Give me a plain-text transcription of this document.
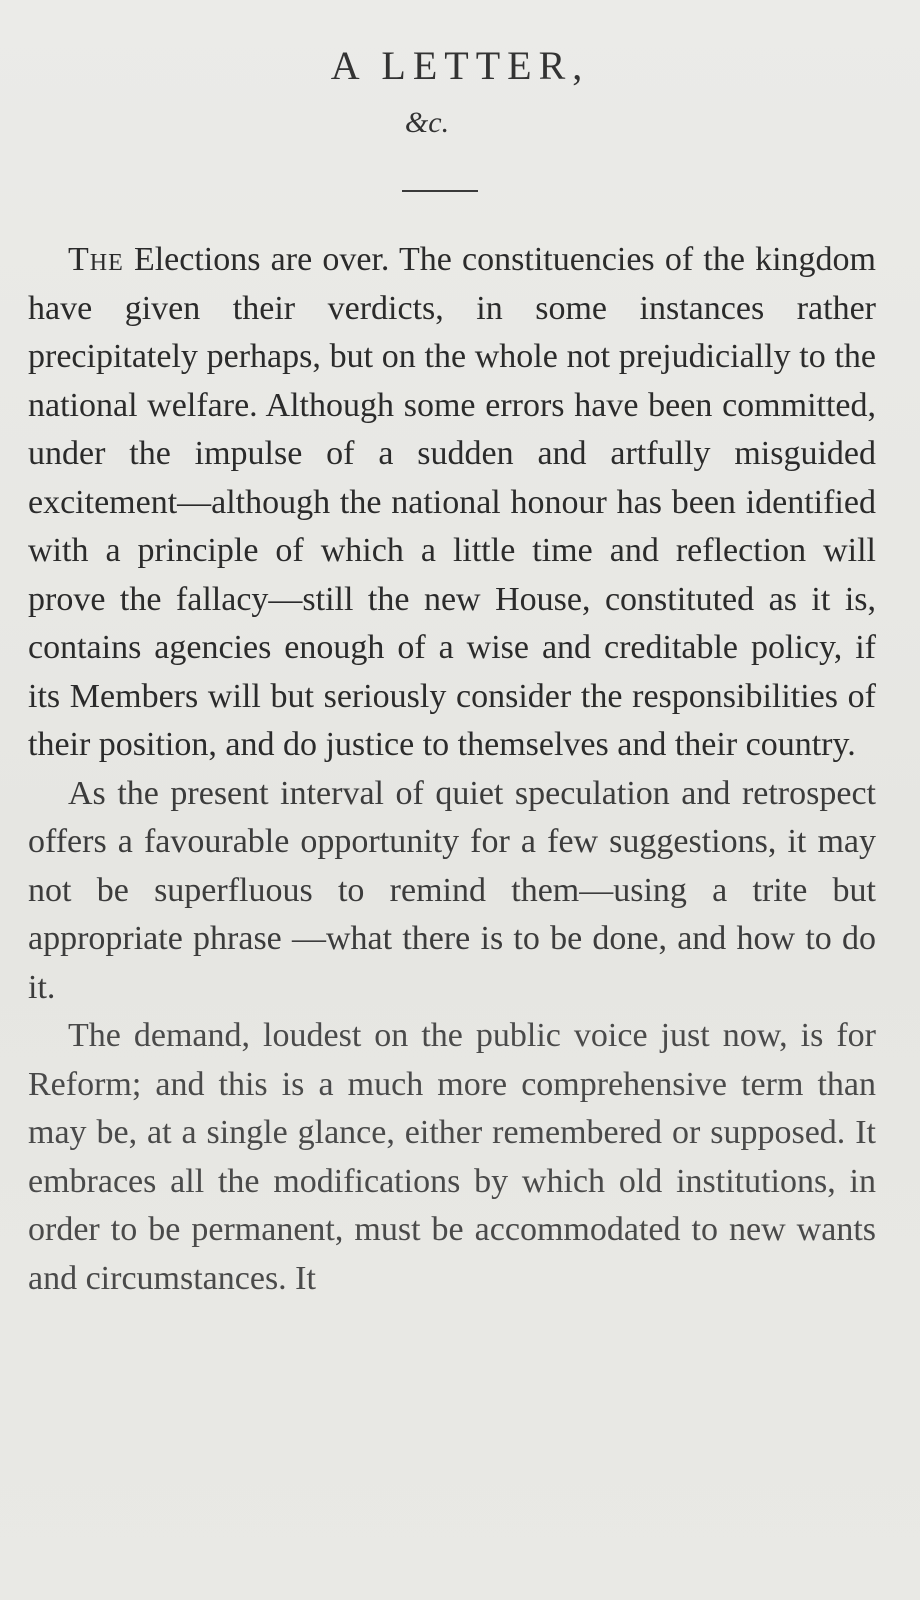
A LETTER,
&c.

The Elections are over. The constituencies of the kingdom have given their verdicts, in some instances rather precipitately perhaps, but on the whole not prejudicially to the national welfare. Although some errors have been committed, under the impulse of a sudden and artfully misguided excitement—although the national honour has been identified with a principle of which a little time and reflection will prove the fallacy—still the new House, constituted as it is, contains agencies enough of a wise and creditable policy, if its Members will but seriously consider the responsibilities of their position, and do justice to themselves and their country.

As the present interval of quiet speculation and retrospect offers a favourable opportunity for a few suggestions, it may not be superfluous to remind them—using a trite but appropriate phrase —what there is to be done, and how to do it.

The demand, loudest on the public voice just now, is for Reform; and this is a much more comprehensive term than may be, at a single glance, either remembered or supposed. It embraces all the modifications by which old institutions, in order to be permanent, must be accommodated to new wants and circumstances. It
